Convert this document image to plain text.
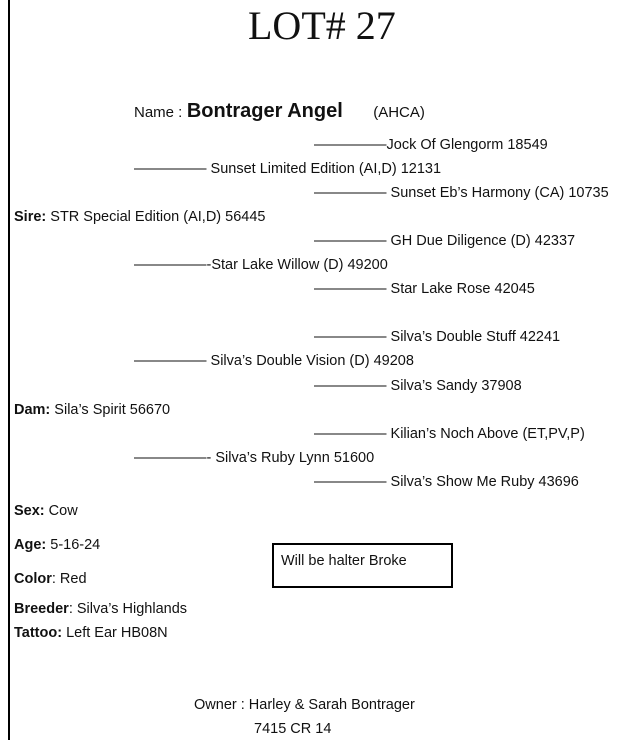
LOT# 27
Name : Bontrager Angel (AHCA)
—————Jock Of Glengorm 18549
————— Sunset Limited Edition (AI,D) 12131
————— Sunset Eb’s Harmony (CA) 10735
Sire: STR Special Edition (AI,D) 56445
————— GH Due Diligence (D) 42337
—————-Star Lake Willow (D) 49200
————— Star Lake Rose 42045
————— Silva’s Double Stuff 42241
————— Silva’s Double Vision (D) 49208
————— Silva’s Sandy 37908
Dam: Sila’s Spirit 56670
————— Kilian’s Noch Above (ET,PV,P)
—————- Silva’s Ruby Lynn 51600
————— Silva’s Show Me Ruby 43696
Sex: Cow
Age: 5-16-24
Color: Red
Breeder: Silva’s Highlands
Tattoo: Left Ear HB08N
Will be halter Broke
Owner : Harley & Sarah Bontrager
7415 CR 14
